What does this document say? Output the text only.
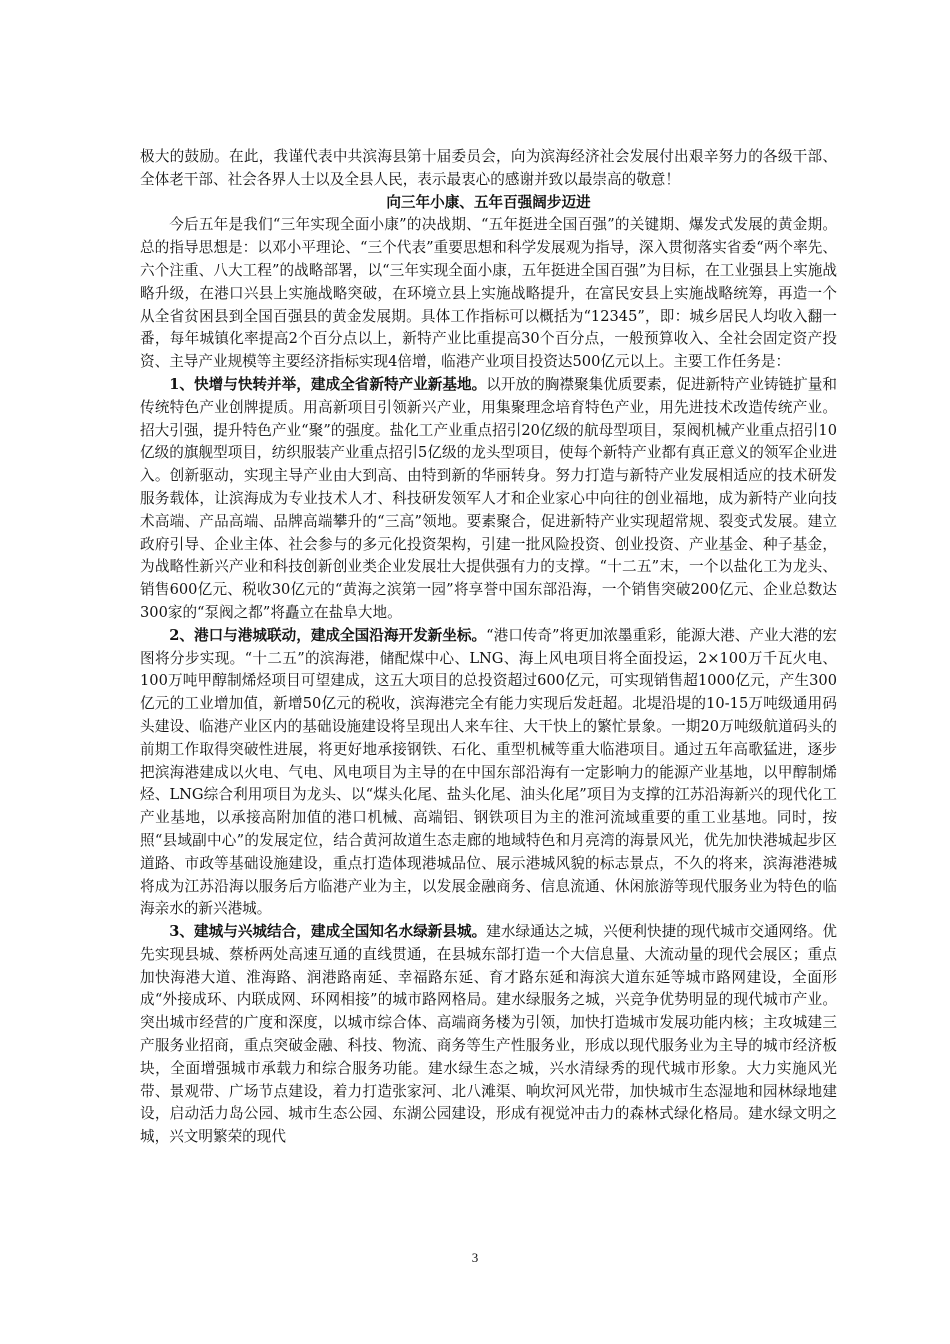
极大的鼓励。在此，我谨代表中共滨海县第十届委员会，向为滨海经济社会发展付出艰辛努力的各级干部、全体老干部、社会各界人士以及全县人民，表示最衷心的感谢并致以最崇高的敬意！

向三年小康、五年百强阔步迈进

今后五年是我们“三年实现全面小康”的决战期、“五年挺进全国百强”的关键期、爆发式发展的黄金期。总的指导思想是：以邓小平理论、“三个代表”重要思想和科学发展观为指导，深入贯彻落实省委“两个率先、六个注重、八大工程”的战略部署，以“三年实现全面小康，五年挺进全国百强”为目标，在工业强县上实施战略升级，在港口兴县上实施战略突破，在环境立县上实施战略提升，在富民安县上实施战略统筹，再造一个从全省贫困县到全国百强县的黄金发展期。具体工作指标可以概括为“12345”，即：城乡居民人均收入翻一番，每年城镇化率提高2个百分点以上，新特产业比重提高30个百分点，一般预算收入、全社会固定资产投资、主导产业规模等主要经济指标实现4倍增，临港产业项目投资达500亿元以上。主要工作任务是：

1、快增与快转并举，建成全省新特产业新基地。以开放的胸襟聚集优质要素，促进新特产业铸链扩量和传统特色产业创牌提质。用高新项目引领新兴产业，用集聚理念培育特色产业，用先进技术改造传统产业。招大引强，提升特色产业“聚”的强度。盐化工产业重点招引20亿级的航母型项目，泵阀机械产业重点招引10亿级的旗舰型项目，纺织服装产业重点招引5亿级的龙头型项目，使每个新特产业都有真正意义的领军企业进入。创新驱动，实现主导产业由大到高、由特到新的华丽转身。努力打造与新特产业发展相适应的技术研发服务载体，让滨海成为专业技术人才、科技研发领军人才和企业家心中向往的创业福地，成为新特产业向技术高端、产品高端、品牌高端攀升的“三高”领地。要素聚合，促进新特产业实现超常规、裂变式发展。建立政府引导、企业主体、社会参与的多元化投资架构，引建一批风险投资、创业投资、产业基金、种子基金，为战略性新兴产业和科技创新创业类企业发展壮大提供强有力的支撑。“十二五”末，一个以盐化工为龙头、销售600亿元、税收30亿元的“黄海之滨第一园”将享誉中国东部沿海，一个销售突破200亿元、企业总数达300家的“泵阀之都”将矗立在盐阜大地。

2、港口与港城联动，建成全国沿海开发新坐标。“港口传奇”将更加浓墨重彩，能源大港、产业大港的宏图将分步实现。“十二五”的滨海港，储配煤中心、LNG、海上风电项目将全面投运，2×100万千瓦火电、100万吨甲醇制烯烃项目可望建成，这五大项目的总投资超过600亿元，可实现销售超1000亿元，产生300亿元的工业增加值，新增50亿元的税收，滨海港完全有能力实现后发赶超。北堤沿堤的10-15万吨级通用码头建设、临港产业区内的基础设施建设将呈现出人来车往、大干快上的繁忙景象。一期20万吨级航道码头的前期工作取得突破性进展，将更好地承接钢铁、石化、重型机械等重大临港项目。通过五年高歌猛进，逐步把滨海港建成以火电、气电、风电项目为主导的在中国东部沿海有一定影响力的能源产业基地，以甲醇制烯烃、LNG综合利用项目为龙头、以“煤头化尾、盐头化尾、油头化尾”项目为支撑的江苏沿海新兴的现代化工产业基地，以承接高附加值的港口机械、高端铝、钢铁项目为主的淮河流域重要的重工业基地。同时，按照“县域副中心”的发展定位，结合黄河故道生态走廊的地域特色和月亮湾的海景风光，优先加快港城起步区道路、市政等基础设施建设，重点打造体现港城品位、展示港城风貌的标志景点，不久的将来，滨海港港城将成为江苏沿海以服务后方临港产业为主，以发展金融商务、信息流通、休闲旅游等现代服务业为特色的临海亲水的新兴港城。

3、建城与兴城结合，建成全国知名水绿新县城。建水绿通达之城，兴便利快捷的现代城市交通网络。优先实现县城、蔡桥两处高速互通的直线贯通，在县城东部打造一个大信息量、大流动量的现代会展区；重点加快海港大道、淮海路、润港路南延、幸福路东延、育才路东延和海滨大道东延等城市路网建设，全面形成“外接成环、内联成网、环网相接”的城市路网格局。建水绿服务之城，兴竞争优势明显的现代城市产业。突出城市经营的广度和深度，以城市综合体、高端商务楼为引领，加快打造城市发展功能内核；主攻城建三产服务业招商，重点突破金融、科技、物流、商务等生产性服务业，形成以现代服务业为主导的城市经济板块，全面增强城市承载力和综合服务功能。建水绿生态之城，兴水清绿秀的现代城市形象。大力实施风光带、景观带、广场节点建设，着力打造张家河、北八滩渠、响坎河风光带，加快城市生态湿地和园林绿地建设，启动活力岛公园、城市生态公园、东湖公园建设，形成有视觉冲击力的森林式绿化格局。建水绿文明之城，兴文明繁荣的现代

3
